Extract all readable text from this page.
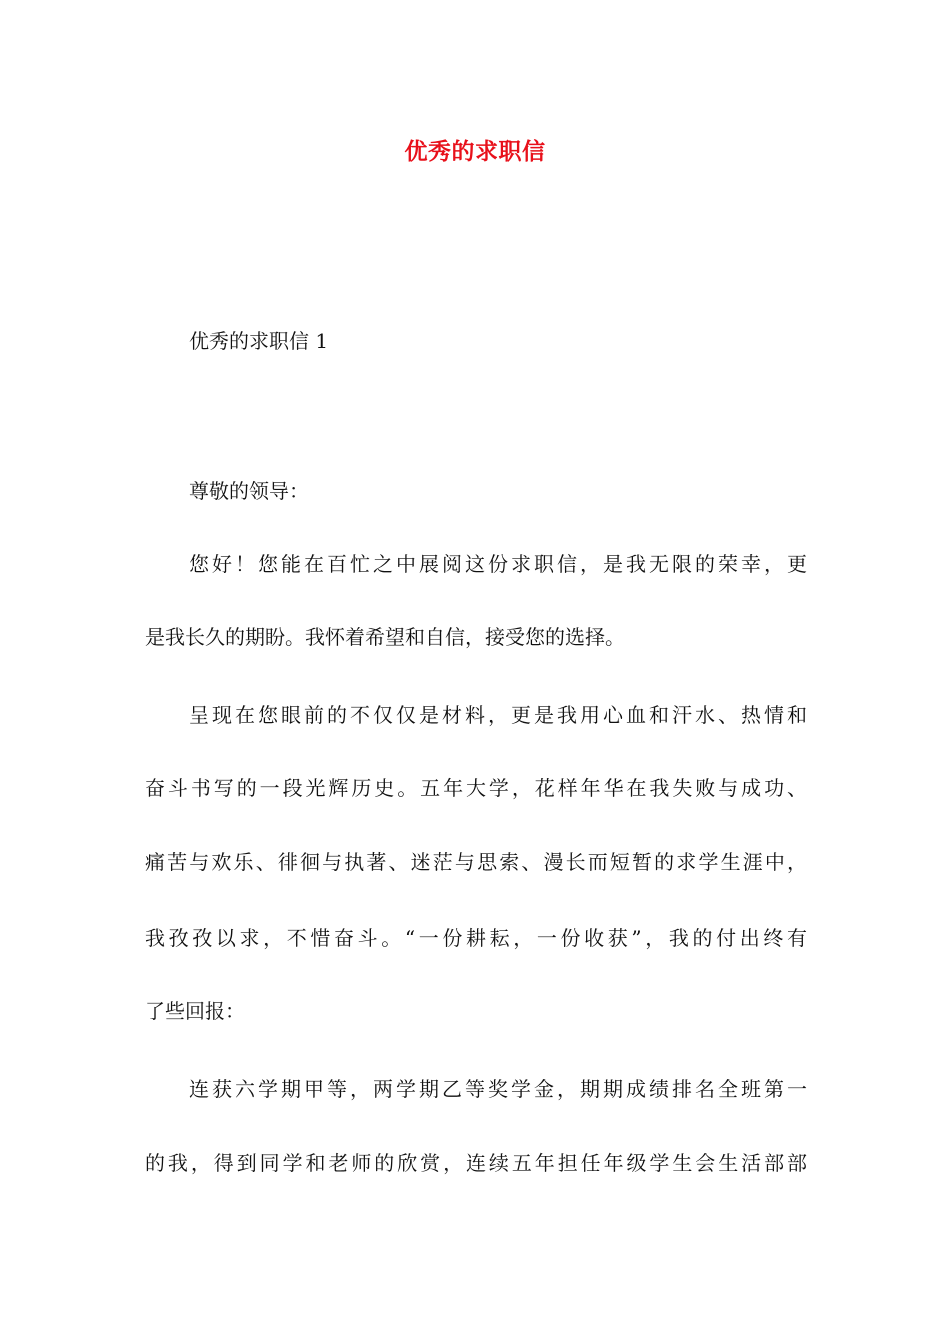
优秀的求职信
优秀的求职信 1
尊敬的领导：
您好！您能在百忙之中展阅这份求职信，是我无限的荣幸，更
是我长久的期盼。我怀着希望和自信，接受您的选择。
呈现在您眼前的不仅仅是材料，更是我用心血和汗水、热情和
奋斗书写的一段光辉历史。五年大学，花样年华在我失败与成功、
痛苦与欢乐、徘徊与执著、迷茫与思索、漫长而短暂的求学生涯中，
我孜孜以求，不惜奋斗。“一份耕耘，一份收获”，我的付出终有
了些回报：
连获六学期甲等，两学期乙等奖学金，期期成绩排名全班第一
的我，得到同学和老师的欣赏，连续五年担任年级学生会生活部部
